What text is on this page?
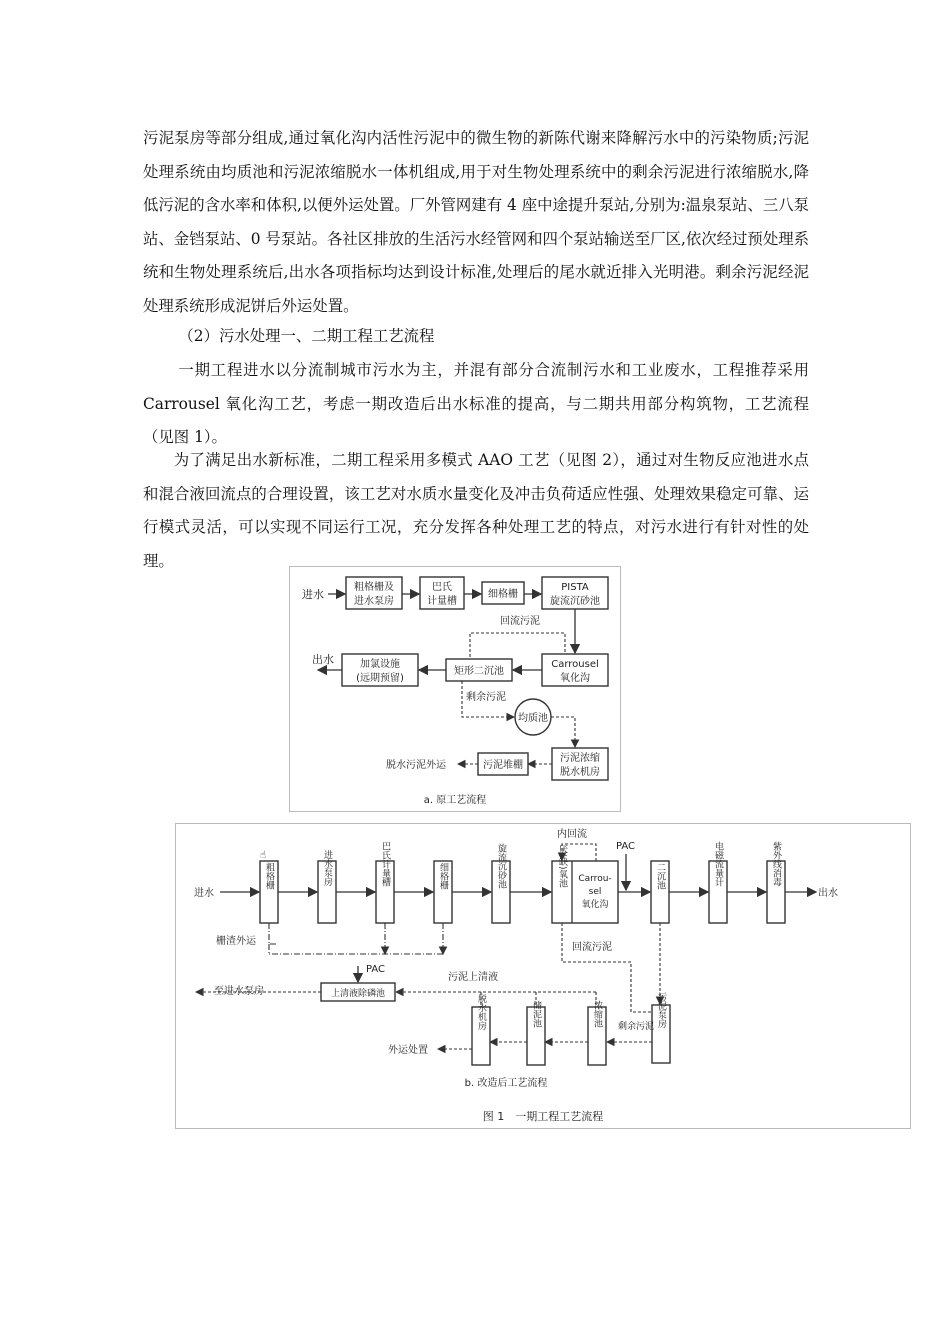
污泥泵房等部分组成,通过氧化沟内活性污泥中的微生物的新陈代谢来降解污水中的污染物质;污泥处理系统由均质池和污泥浓缩脱水一体机组成,用于对生物处理系统中的剩余污泥进行浓缩脱水,降低污泥的含水率和体积,以便外运处置。厂外管网建有 4 座中途提升泵站,分别为:温泉泵站、三八泵站、金铛泵站、0 号泵站。各社区排放的生活污水经管网和四个泵站输送至厂区,依次经过预处理系统和生物处理系统后,出水各项指标均达到设计标准,处理后的尾水就近排入光明港。剩余污泥经泥处理系统形成泥饼后外运处置。

（2）污水处理一、二期工程工艺流程

一期工程进水以分流制城市污水为主，并混有部分合流制污水和工业废水，工程推荐采用 Carrousel 氧化沟工艺，考虑一期改造后出水标准的提高，与二期共用部分构筑物，工艺流程（见图 1）。

为了满足出水新标准，二期工程采用多模式 AAO 工艺（见图 2），通过对生物反应池进水点和混合液回流点的合理设置，该工艺对水质水量变化及冲击负荷适应性强、处理效果稳定可靠、运行模式灵活，可以实现不同运行工况，充分发挥各种处理工艺的特点，对污水进行有针对性的处理。

进水
粗格栅及
进水泵房
巴氏
计量槽
细格栅
PISTA
旋流沉砂池
回流污泥
Carrousel
氧化沟
矩形二沉池
加氯设施
(远期预留)
出水
剩余污泥
均质池
污泥浓缩
脱水机房
污泥堆棚
脱水污泥外运
a. 原工艺流程
进水
☝
粗格栅	进水泵房	巴氏计量槽	细格栅	旋流沉砂池	厌(缺)氧池 Carrou-
sel
氧化沟
内回流
PAC
二沉池	电磁流量计	紫外线消毒
出水
栅渣外运
回流污泥
至进水泵房	上清液除磷池
PAC
污泥上清液
污泥泵房
剩余污泥
浓缩池
储泥池
脱水机房
外运处置
b. 改造后工艺流程
图 1　一期工程工艺流程
